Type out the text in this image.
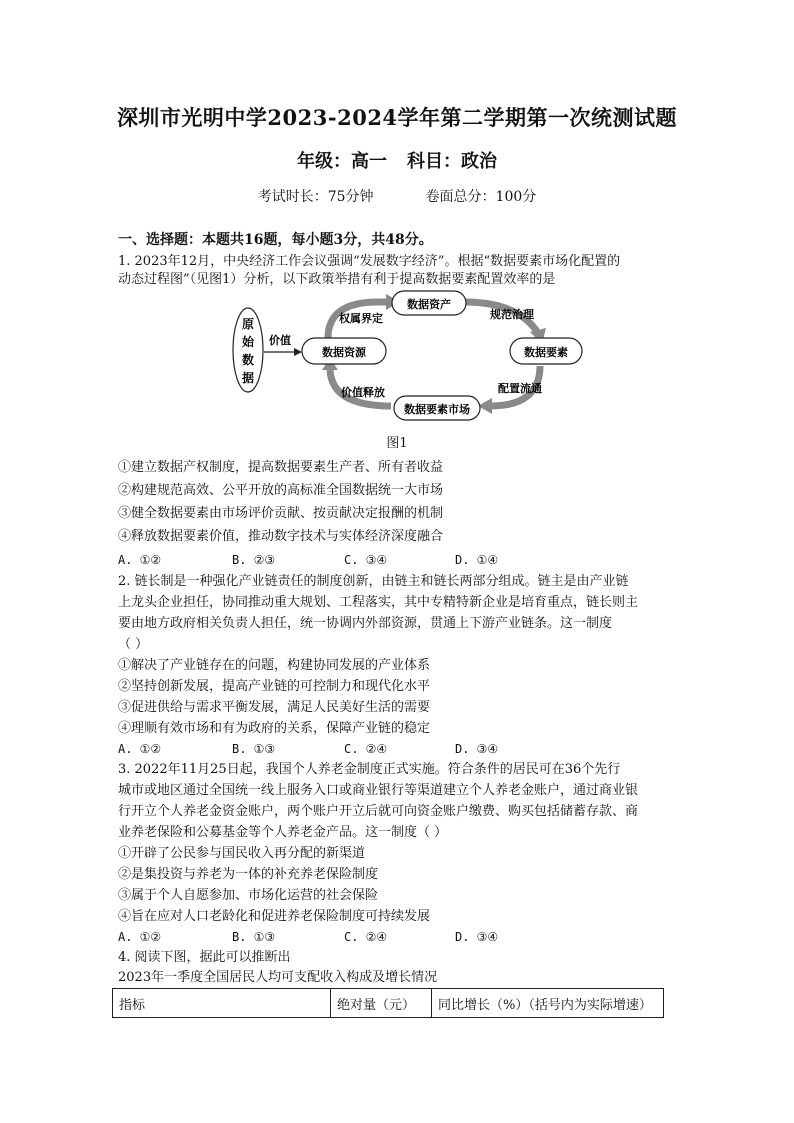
深圳市光明中学2023-2024学年第二学期第一次统测试题
年级：高一 科目：政治
考试时长：75分钟	卷面总分：100分
一、选择题：本题共16题，每小题3分，共48分。
1. 2023年12月，中央经济工作会议强调“发展数字经济”。根据“数据要素市场化配置的
动态过程图”（见图1）分析，以下政策举措有利于提高数据要素配置效率的是
原
始
数
据
价值
数据资源
数据资产
数据要素
数据要素市场
权属界定	规范治理
配置流通
价值释放
图1
①建立数据产权制度，提高数据要素生产者、所有者收益
②构建规范高效、公平开放的高标准全国数据统一大市场
③健全数据要素由市场评价贡献、按贡献决定报酬的机制
④释放数据要素价值，推动数字技术与实体经济深度融合
A. ①②	B. ②③	C. ③④	D. ①④
2. 链长制是一种强化产业链责任的制度创新，由链主和链长两部分组成。链主是由产业链
上龙头企业担任，协同推动重大规划、工程落实，其中专精特新企业是培育重点，链长则主
要由地方政府相关负责人担任，统一协调内外部资源，贯通上下游产业链条。这一制度
（ ）
①解决了产业链存在的问题，构建协同发展的产业体系
②坚持创新发展，提高产业链的可控制力和现代化水平
③促进供给与需求平衡发展，满足人民美好生活的需要
④理顺有效市场和有为政府的关系，保障产业链的稳定
A. ①②	B. ①③	C. ②④	D. ③④
3. 2022年11月25日起，我国个人养老金制度正式实施。符合条件的居民可在36个先行
城市或地区通过全国统一线上服务入口或商业银行等渠道建立个人养老金账户，通过商业银
行开立个人养老金资金账户，两个账户开立后就可向资金账户缴费、购买包括储蓄存款、商
业养老保险和公募基金等个人养老金产品。这一制度（ ）
①开辟了公民参与国民收入再分配的新渠道
②是集投资与养老为一体的补充养老保险制度
③属于个人自愿参加、市场化运营的社会保险
④旨在应对人口老龄化和促进养老保险制度可持续发展
A. ①②	B. ①③	C. ②④	D. ③④
4. 阅读下图，据此可以推断出
2023年一季度全国居民人均可支配收入构成及增长情况
指标	绝对量（元）	同比增长（%）（括号内为实际增速）
